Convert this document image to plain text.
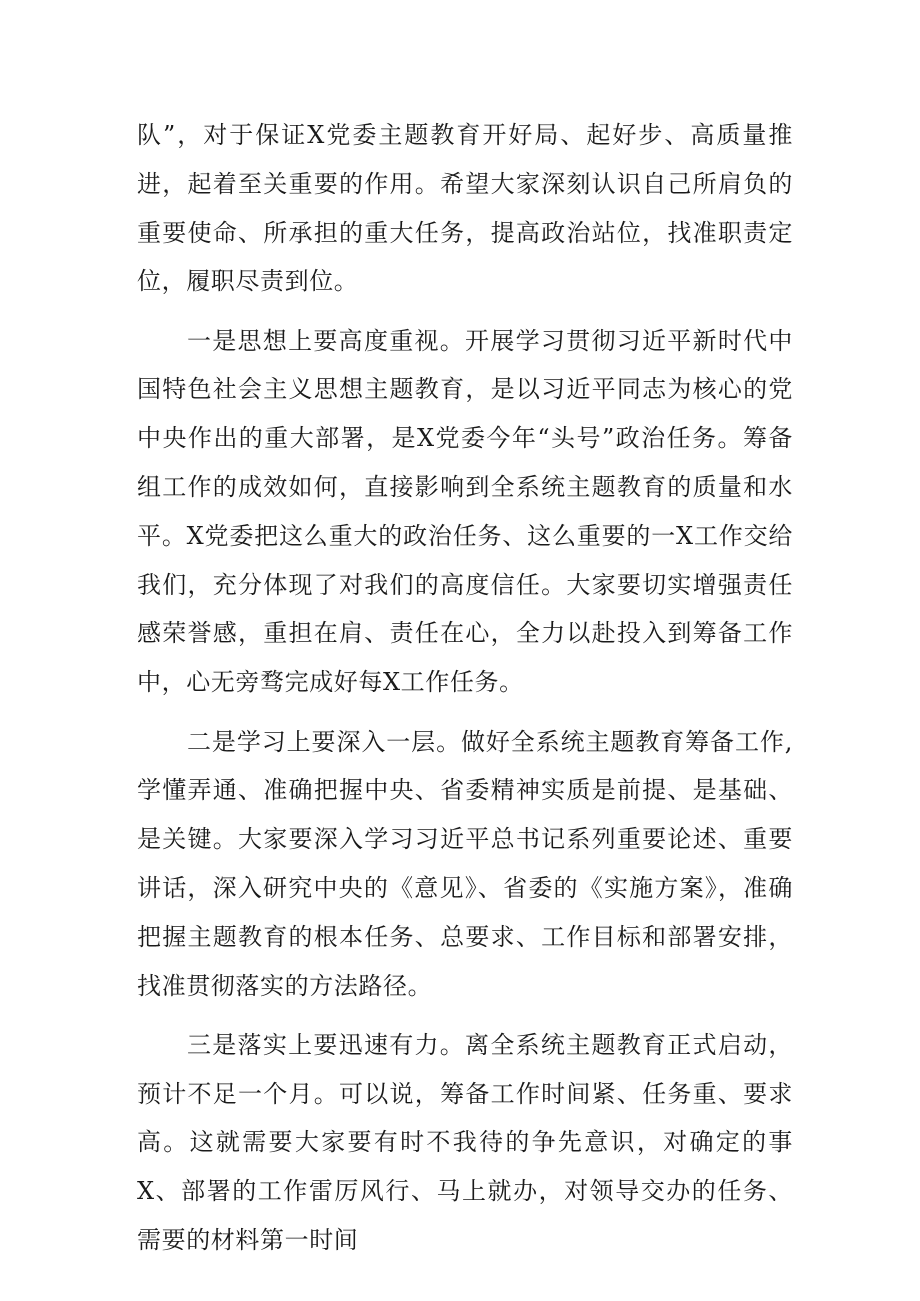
队”，对于保证X党委主题教育开好局、起好步、高质量推进，起着至关重要的作用。希望大家深刻认识自己所肩负的重要使命、所承担的重大任务，提高政治站位，找准职责定位，履职尽责到位。

一是思想上要高度重视。开展学习贯彻习近平新时代中国特色社会主义思想主题教育，是以习近平同志为核心的党中央作出的重大部署，是X党委今年“头号”政治任务。筹备组工作的成效如何，直接影响到全系统主题教育的质量和水平。X党委把这么重大的政治任务、这么重要的一X工作交给我们，充分体现了对我们的高度信任。大家要切实增强责任感荣誉感，重担在肩、责任在心，全力以赴投入到筹备工作中，心无旁骛完成好每X工作任务。

二是学习上要深入一层。做好全系统主题教育筹备工作,学懂弄通、准确把握中央、省委精神实质是前提、是基础、是关键。大家要深入学习习近平总书记系列重要论述、重要讲话，深入研究中央的《意见》、省委的《实施方案》，准确把握主题教育的根本任务、总要求、工作目标和部署安排，找准贯彻落实的方法路径。

三是落实上要迅速有力。离全系统主题教育正式启动，预计不足一个月。可以说，筹备工作时间紧、任务重、要求高。这就需要大家要有时不我待的争先意识，对确定的事X、部署的工作雷厉风行、马上就办，对领导交办的任务、需要的材料第一时间
